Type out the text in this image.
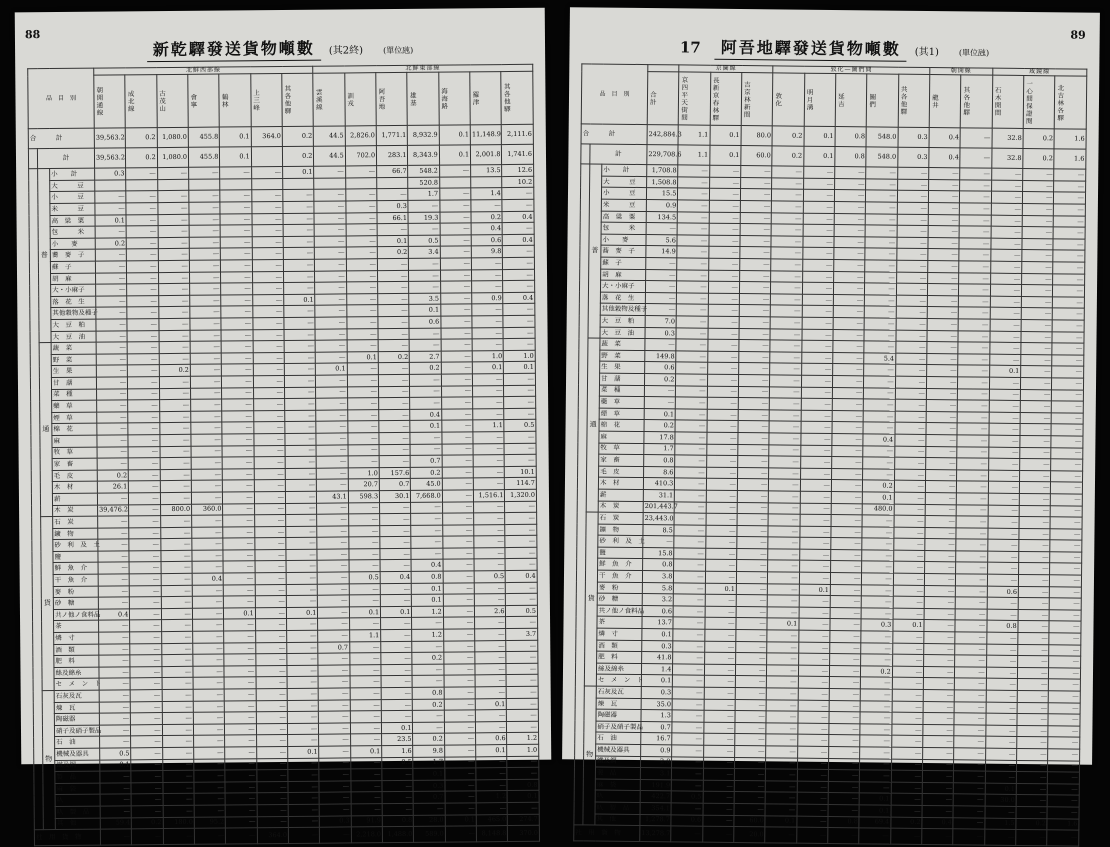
88
新乾驛發送貨物噸數	(其2終) (單位瓲)
品　目　別			北鮮西部線							北鮮東部線						

			朝開通線	成北線	古茂山	會寧	鶴林	上三峰	其各他驛	雲溪線	訓戎	阿吾地	雄基	海海路	羅津	其各他驛

合　　　計			39,563.2	0.2	1,080.0	455.8	0.1	364.0	0.2	44.5	2,826.0	1,771.1	8,932.9	0.1	11,148.9	2,111.6
	計		39,563.2	0.2	1,080.0	455.8	0.1		0.2	44.5	702.0	283.1	8,343.9	0.1	2,001.8	1,741.6
	普	小　　計	0.3	—	—	—	—	—	0.1	—	—	66.7	548.2	—	13.5	12.6
		大　　　豆											520.8			10.2
		小　　　豆	—	—	—	—	—	—	—	—	—	—	1.7	—	1.4	—
		米　　　豆	—	—	—	—	—	—	—	—	—	0.3	—	—	—	—
		高　粱　粟	0.1	—	—	—	—	—	—	—	—	66.1	19.3	—	0.2	0.4
		包　　　米	—	—	—	—	—	—	—	—	—	—	—	—	0.4	—
		小　　麥	0.2	—	—	—	—	—	—	—	—	0.1	0.5	—	0.6	0.4
		蕎　麥　子	—	—	—	—	—	—	—	—	—	0.2	3.4	—	9.8	—
		蘇　子	—	—	—	—	—	—	—	—	—	—	—	—	—	—
		胡　麻	—	—	—	—	—	—	—	—	—	—	—	—	—	—
		大・小麻子	—	—	—	—	—	—	—	—	—	—	—	—	—	—
		落　花　生	—	—	—	—	—	—	0.1	—	—	—	3.5	—	0.9	0.4
		其他穀物及種子	—	—	—	—	—	—	—	—	—	—	0.1	—	—	—
		大　豆　粕	—	—	—	—	—	—	—	—	—	—	0.6	—	—	—
		大　豆　油	—	—	—	—	—	—	—	—	—	—	—	—	—	—
	通	蔬　菜	—	—	—	—	—	—	—	—	—	—	—	—	—	—
		野　菜	—	—	—	—	—	—	—	—	0.1	0.2	2.7	—	1.0	1.0
		生　果	—	—	0.2	—	—	—	—	0.1	—	—	0.2	—	0.1	0.1
		甘　藷	—	—	—	—	—	—	—	—	—	—	—	—	—	—
		菜　種	—	—	—	—	—	—	—	—	—	—	—	—	—	—
		藥　草	—	—	—	—	—	—	—	—	—	—	—	—	—	—
		煙　草	—	—	—	—	—	—	—	—	—	—	0.4	—	—	—
		棉　花	—	—	—	—	—	—	—	—	—	—	0.1	—	1.1	0.5
		麻	—	—	—	—	—	—	—	—	—	—	—	—	—	—
		牧　草	—	—	—	—	—	—	—	—	—	—	—	—	—	—
		家　畜	—	—	—	—	—	—	—	—	—	—	0.7	—	—	—
		毛　皮	0.2	—	—	—	—	—	—	—	1.0	157.6	0.2	—	—	10.1
		木　材	26.1	—	—	—	—	—	—	—	20.7	0.7	45.0	—	—	114.7
		薪	—	—	—	—	—	—	—	43.1	598.3	30.1	7,668.0	—	1,516.1	1,320.0
		木　炭	39,476.2	—	800.0	360.0	—	—	—	—	—	—	—	—	—	—
	貨	石　炭	—	—	—	—	—	—	—	—	—	—	—	—	—	—
		鑛　物	—	—	—	—	—	—	—	—	—	—	—	—	—	—
		砂　利　及　土	—	—	—	—	—	—	—	—	—	—	—	—	—	—
		鹽	—	—	—	—	—	—	—	—	—	—	—	—	—	—
		鮮　魚　介	—	—	—	—	—	—	—	—	—	—	0.4	—	—	—
		干　魚　介	—	—	—	0.4	—	—	—	—	0.5	0.4	0.8	—	0.5	0.4
		麥　粉	—	—	—	—	—	—	—	—	—	—	0.1	—	—	—
		砂　糖	—	—	—	—	—	—	—	—	—	—	0.1	—	—	—
		共ノ他ノ食料品	0.4	—	—	—	0.1	—	0.1	—	0.1	0.1	1.2	—	2.6	0.5
		茶	—	—	—	—	—	—	—	—	—	—	—	—	—	—
		燐　寸	—	—	—	—	—	—	—	—	1.1	—	1.2	—	—	3.7
		酒　類	—	—	—	—	—	—	—	0.7	—	—	—	—	—	—
		肥　料	—	—	—	—	—	—	—	—	—	—	0.2	—	—	—
		絲及綿糸	—	—	—	—	—	—	—	—	—	—	—	—	—	—
		セ　メ　ン　ト	—	—	—	—	—	—	—	—	—	—	—	—	—	—
	物	石灰及瓦	—	—	—	—	—	—	—	—	—	—	0.8	—	—	—
		煉　瓦	—	—	—	—	—	—	—	—	—	—	0.2	—	0.1	—
		陶磁器	—	—	—	—	—	—	—	—	—	—	—	—	—	—
		硝子及硝子製品	—	—	—	—	—	—	—	—	—	0.1	—	—	—	—
		石　油	—	—	—	—	—	—	—	—	—	23.5	0.2	—	0.6	1.2
		機械及器具	0.5	—	—	—	—	—	0.1	—	0.1	1.6	9.8	—	0.1	1.0
		鐵及鋼	0.1	—	—	—	—	—	—	—	—	0.5	1.7	—	—	—
		製　品	—	—	—	—	—	—	—	—	—	—	0.1	—	—	—
		麻　袋	—	—	—	—	—	—	—	—	—	—	0.3	—	—	0.8
		叺	—	—	—	—	—	—	—	—	—	—	0.7	—	1.2	0.1
		叺　製　品	—	—	—	—	—	—	—	—	—	—	—	—	—	—
		其　他	59.4	0.2	180.0	95.2	—	—	—	0.3	91.9	0.8	28.0	0.1	465.0	274.7
社　用　貨　物			—	—	—	—	—	364.0	—	—	2,218.0	1,488.0	589.0	—	8,148.8	370.0
89
17	阿吾地驛發送貨物噸數	(其1) (單位瓲)
品　目　別				京圖線			敦化—圖們間					朝開線		咸鏡線		

			合計	京四平天街間	長新京春林驛	吉京林新間	敦化	明月溝	延吉	圖們	共各他驛	龍井	其各他驛	石木開間	一心間保證閱	北吉林各驛

合　　　計			242,884.3	1.1	0.1	80.0	0.2	0.1	0.8	548.0	0.3	0.4	—	32.8	0.2	1.6
	計		229,708.6	1.1	0.1	60.0	0.2	0.1	0.8	548.0	0.3	0.4	—	32.8	0.2	1.6
	普	小　　計	1,708.8	—	—	—	—	—	—	—	—	—	—	—	—	—
		大　　　豆	1,508.8	—	—	—	—	—	—	—	—	—	—	—	—	—
		小　　　豆	15.5	—	—	—	—	—	—	—	—	—	—	—	—	—
		米　　　豆	0.9	—	—	—	—	—	—	—	—	—	—	—	—	—
		高　粱　粟	134.5	—	—	—	—	—	—	—	—	—	—	—	—	—
		包　　　米	—	—	—	—	—	—	—	—	—	—	—	—	—	—
		小　　麥	5.6	—	—	—	—	—	—	—	—	—	—	—	—	—
		蕎　麥　子	14.9	—	—	—	—	—	—	—	—	—	—	—	—	—
		蘇　子	—	—	—	—	—	—	—	—	—	—	—	—	—	—
		胡　麻	—	—	—	—	—	—	—	—	—	—	—	—	—	—
		大・小麻子	—	—	—	—	—	—	—	—	—	—	—	—	—	—
		落　花　生	—	—	—	—	—	—	—	—	—	—	—	—	—	—
		其他穀物及種子	—	—	—	—	—	—	—	—	—	—	—	—	—	—
		大　豆　粕	7.0	—	—	—	—	—	—	—	—	—	—	—	—	—
		大　豆　油	0.3	—	—	—	—	—	—	—	—	—	—	—	—	—
	通	蔬　菜	—	—	—	—	—	—	—	—	—	—	—	—	—	—
		野　菜	149.8	—	—	—	—	—	—	5.4	—	—	—	—	—	—
		生　果	0.6	—	—	—	—	—	—	—	—	—	—	0.1	—	—
		甘　藷	0.2	—	—	—	—	—	—	—	—	—	—	—	—	—
		菜　種	—	—	—	—	—	—	—	—	—	—	—	—	—	—
		藥　草	—	—	—	—	—	—	—	—	—	—	—	—	—	—
		煙　草	0.1	—	—	—	—	—	—	—	—	—	—	—	—	—
		棉　花	0.2	—	—	—	—	—	—	—	—	—	—	—	—	—
		麻	17.8	—	—	—	—	—	—	0.4	—	—	—	—	—	—
		牧　草	1.7	—	—	—	—	—	—	—	—	—	—	—	—	—
		家　畜	0.8	—	—	—	—	—	—	—	—	—	—	—	—	—
		毛　皮	8.6	—	—	—	—	—	—	—	—	—	—	—	—	—
		木　材	410.3	—	—	—	—	—	—	0.2	—	—	—	—	—	—
		薪	31.1	—	—	—	—	—	—	0.1	—	—	—	—	—	—
		木　炭	201,443.7	—	—	—	—	—	—	480.0	—	—	—	—	—	—
	貨	石　炭	23,443.0	—	—	—	—	—	—	—	—	—	—	—	—	—
		鑛　物	8.5	—	—	—	—	—	—	—	—	—	—	—	—	—
		砂　利　及　土	—	—	—	—	—	—	—	—	—	—	—	—	—	—
		鹽	15.8	—	—	—	—	—	—	—	—	—	—	—	—	—
		鮮　魚　介	0.8	—	—	—	—	—	—	—	—	—	—	—	—	—
		干　魚　介	3.8	—	—	—	—	—	—	—	—	—	—	—	—	—
		麥　粉	5.8	—	0.1	—	—	0.1	—	—	—	—	—	0.6	—	—
		砂　糖	3.2	—	—	—	—	—	—	—	—	—	—	—	—	—
		共ノ他ノ食料品	0.6	—	—	—	—	—	—	—	—	—	—	—	—	—
		茶	13.7	—	—	—	0.1	—	—	0.3	0.1	—	—	0.8	—	—
		燐　寸	0.1	—	—	—	—	—	—	—	—	—	—	—	—	—
		酒　類	0.3	—	—	—	—	—	—	—	—	—	—	—	—	—
		肥　料	41.8	—	—	—	—	—	—	—	—	—	—	—	—	—
		絲及綿糸	1.4	—	—	—	—	—	—	0.2	—	—	—	—	—	—
		セ　メ　ン　ト	0.1	—	—	—	—	—	—	—	—	—	—	—	—	—
	物	石灰及瓦	0.3	—	—	—	—	—	—	—	—	—	—	—	—	—
		煉　瓦	35.0	—	—	—	—	—	—	—	—	—	—	—	—	—
		陶磁器	1.3	—	—	—	—	—	—	—	—	—	—	—	—	—
		硝子及硝子製品	0.7	—	—	—	—	—	—	—	—	—	—	—	—	—
		石　油	16.7	—	—	—	—	—	—	—	—	—	—	—	—	—
		機械及器具	0.9	—	—	—	—	—	—	—	—	—	—	—	—	—
		鐵及鋼	2.0	—	—	—	—	—	—	—	—	—	—	—	—	—
		製　品	3.1	—	—	—	—	—	—	—	—	—	—	—	—	—
		麻　袋	191.9	—	—	—	—	—	—	—	—	—	—	0.1	—	—
		叺	422.7	0.5	—	—	—	—	—	0.1	—	—	—	30.0	—	—
		叺　製　品	354.1	—	—	—	—	—	—	0.1	—	—	—	—	—	—
		其　他	1,278.7	0.6	—	60.0	0.1	—	0.8	69.4	0.2	0.4	—	1.5	0.2	1.6
社　用　貨　物			13,278.7	—	—	20.0	—	—	—	—	—	—	—	—	—	—
